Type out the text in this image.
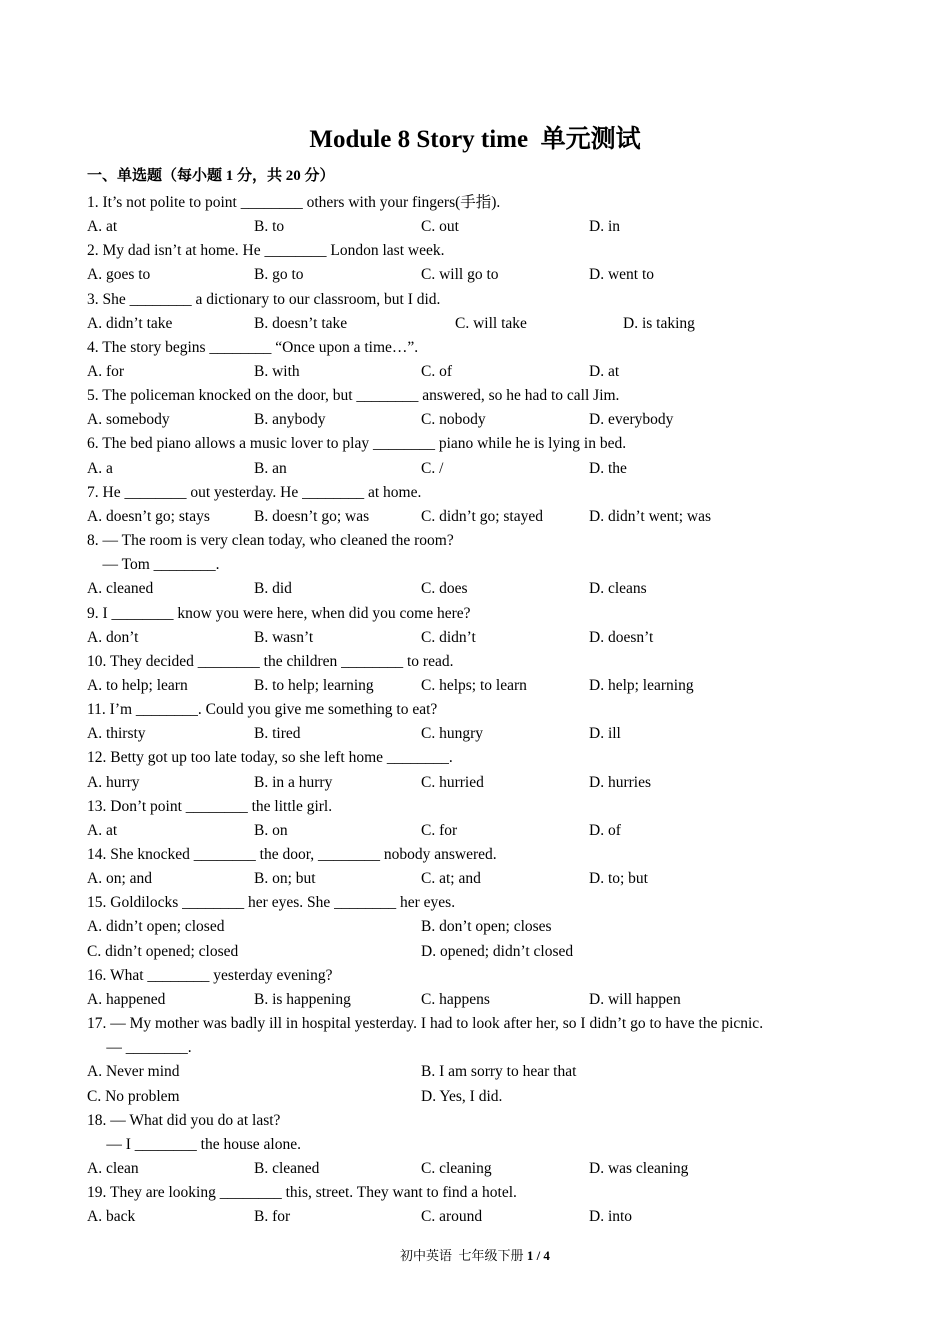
Module 8 Story time  单元测试
一、单选题（每小题 1 分，共 20 分）
1. It’s not polite to point ________ others with your fingers(手指).
A. at	B. to	C. out	D. in
2. My dad isn’t at home. He ________ London last week.
A. goes to	B. go to	C. will go to	D. went to
3. She ________ a dictionary to our classroom, but I did.
A. didn’t take	B. doesn’t take	C. will take	D. is taking
4. The story begins ________ “Once upon a time…”.
A. for	B. with	C. of	D. at
5. The policeman knocked on the door, but ________ answered, so he had to call Jim.
A. somebody	B. anybody	C. nobody	D. everybody
6. The bed piano allows a music lover to play ________ piano while he is lying in bed.
A. a	B. an	C. /	D. the
7. He ________ out yesterday. He ________ at home.
A. doesn’t go; stays	B. doesn’t go; was	C. didn’t go; stayed	D. didn’t went; was
8. — The room is very clean today, who cleaned the room?
— Tom ________.
A. cleaned	B. did	C. does	D. cleans
9. I ________ know you were here, when did you come here?
A. don’t	B. wasn’t	C. didn’t	D. doesn’t
10. They decided ________ the children ________ to read.
A. to help; learn	B. to help; learning	C. helps; to learn	D. help; learning
11. I’m ________. Could you give me something to eat?
A. thirsty	B. tired	C. hungry	D. ill
12. Betty got up too late today, so she left home ________.
A. hurry	B. in a hurry	C. hurried	D. hurries
13. Don’t point ________ the little girl.
A. at	B. on	C. for	D. of
14. She knocked ________ the door, ________ nobody answered.
A. on; and	B. on; but	C. at; and	D. to; but
15. Goldilocks ________ her eyes. She ________ her eyes.
A. didn’t open; closed	B. don’t open; closes
C. didn’t opened; closed	D. opened; didn’t closed
16. What ________ yesterday evening?
A. happened	B. is happening	C. happens	D. will happen
17. — My mother was badly ill in hospital yesterday. I had to look after her, so I didn’t go to have the picnic.
— ________.
A. Never mind	B. I am sorry to hear that
C. No problem	D. Yes, I did.
18. — What did you do at last?
— I ________ the house alone.
A. clean	B. cleaned	C. cleaning	D. was cleaning
19. They are looking ________ this, street. They want to find a hotel.
A. back	B. for	C. around	D. into
初中英语  七年级下册 1 / 4
